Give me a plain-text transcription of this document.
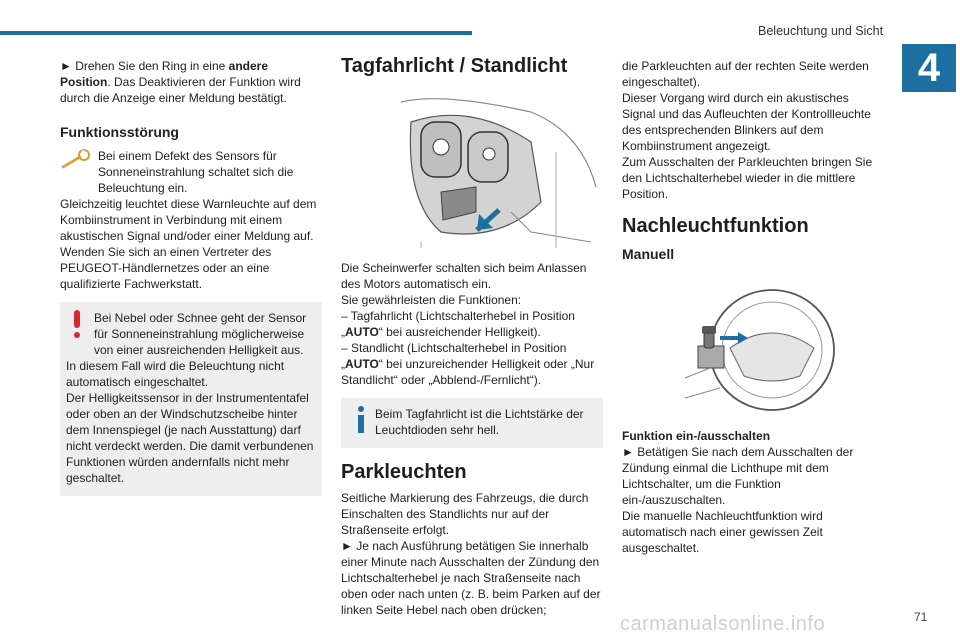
Beleuchtung und Sicht
4

► Drehen Sie den Ring in eine andere Position. Das Deaktivieren der Funktion wird durch die Anzeige einer Meldung bestätigt.

Funktionsstörung
Bei einem Defekt des Sensors für Sonneneinstrahlung schaltet sich die Beleuchtung ein.
Gleichzeitig leuchtet diese Warnleuchte auf dem Kombiinstrument in Verbindung mit einem akustischen Signal und/oder einer Meldung auf.

Wenden Sie sich an einen Vertreter des PEUGEOT-Händlernetzes oder an eine qualifizierte Fachwerkstatt.

Bei Nebel oder Schnee geht der Sensor für Sonneneinstrahlung möglicherweise von einer ausreichenden Helligkeit aus.
In diesem Fall wird die Beleuchtung nicht automatisch eingeschaltet.

Der Helligkeitssensor in der Instrumententafel oder oben an der Windschutzscheibe hinter dem Innenspiegel (je nach Ausstattung) darf nicht verdeckt werden. Die damit verbundenen Funktionen würden andernfalls nicht mehr geschaltet.

Tagfahrlicht / Standlicht

Die Scheinwerfer schalten sich beim Anlassen des Motors automatisch ein.

Sie gewährleisten die Funktionen:

– Tagfahrlicht (Lichtschalterhebel in Position „AUTO“ bei ausreichender Helligkeit).

– Standlicht (Lichtschalterhebel in Position „AUTO“ bei unzureichender Helligkeit oder „Nur Standlicht“ oder „Abblend-/Fernlicht“).

Beim Tagfahrlicht ist die Lichtstärke der Leuchtdioden sehr hell.
Parkleuchten

Seitliche Markierung des Fahrzeugs, die durch Einschalten des Standlichts nur auf der Straßenseite erfolgt.

► Je nach Ausführung betätigen Sie innerhalb einer Minute nach Ausschalten der Zündung den Lichtschalterhebel je nach Straßenseite nach oben oder nach unten (z. B. beim Parken auf der linken Seite Hebel nach oben drücken;

die Parkleuchten auf der rechten Seite werden eingeschaltet).

Dieser Vorgang wird durch ein akustisches Signal und das Aufleuchten der Kontrollleuchte des entsprechenden Blinkers auf dem Kombiinstrument angezeigt.

Zum Ausschalten der Parkleuchten bringen Sie den Lichtschalterhebel wieder in die mittlere Position.

Nachleuchtfunktion
Manuell
Funktion ein-/ausschalten

► Betätigen Sie nach dem Ausschalten der Zündung einmal die Lichthupe mit dem Lichtschalter, um die Funktion ein-/auszuschalten.

Die manuelle Nachleuchtfunktion wird automatisch nach einer gewissen Zeit ausgeschaltet.

71
carmanualsonline.info
